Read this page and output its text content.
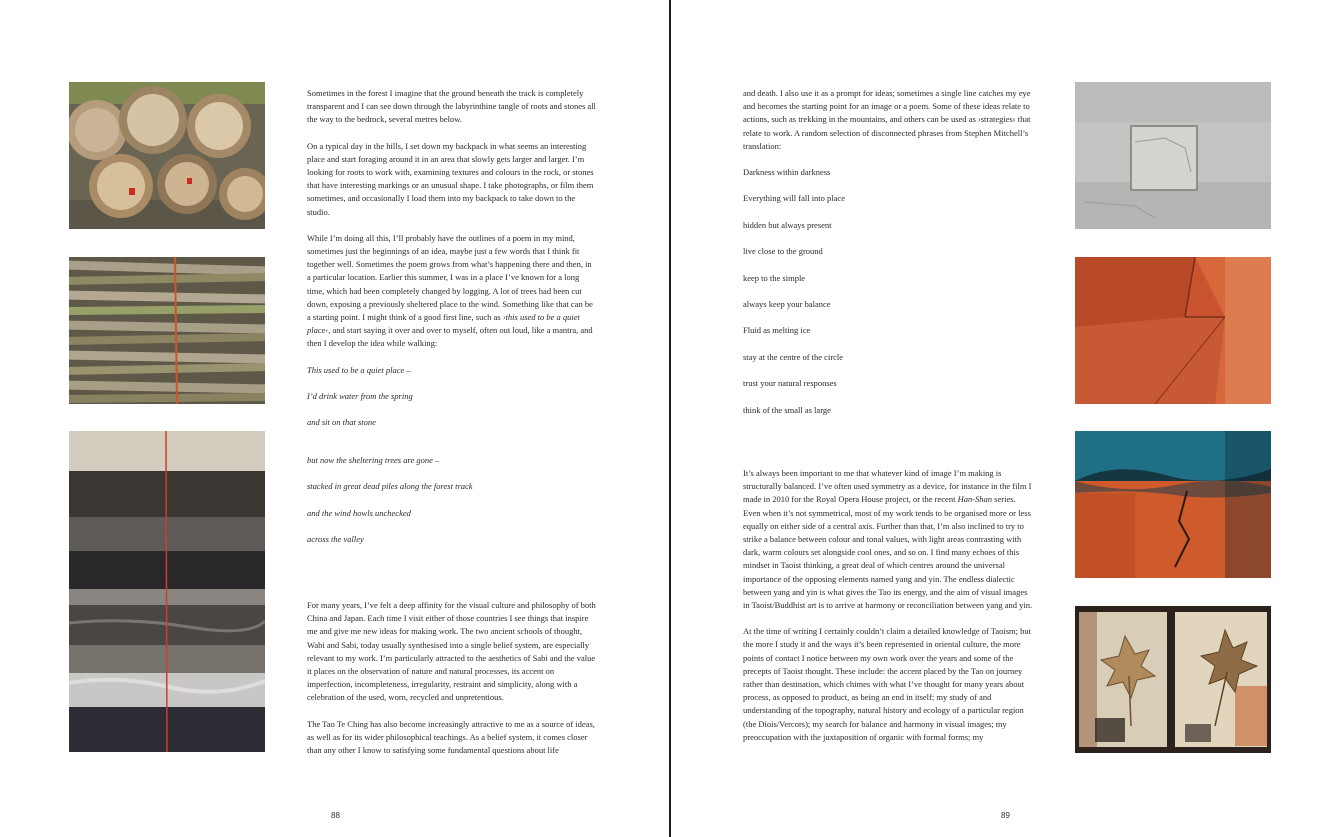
Sometimes in the forest I imagine that the ground beneath the track is completely transparent and I can see down through the labyrinthine tangle of roots and stones all the way to the bedrock, several metres below.

On a typical day in the hills, I set down my backpack in what seems an interesting place and start foraging around it in an area that slowly gets larger and larger. I’m looking for roots to work with, examining textures and colours in the rock, or stones that have interesting markings or an unusual shape. I take photographs, or film them sometimes, and occasionally I load them into my backpack to take down to the studio.

While I’m doing all this, I’ll probably have the outlines of a poem in my mind, sometimes just the beginnings of an idea, maybe just a few words that I think fit together well. Sometimes the poem grows from what’s happening there and then, in a particular location. Earlier this summer, I was in a place I’ve known for a long time, which had been completely changed by logging. A lot of trees had been cut down, exposing a previously sheltered place to the wind. Something like that can be a starting point. I might think of a good first line, such as ›this used to be a quiet place‹, and start saying it over and over to myself, often out loud, like a mantra, and then I develop the idea while walking:

This used to be a quiet place –

I’d drink water from the spring

and sit on that stone

but now the sheltering trees are gone –

stacked in great dead piles along the forest track

and the wind howls unchecked

across the valley

For many years, I’ve felt a deep affinity for the visual culture and philosophy of both China and Japan. Each time I visit either of those countries I see things that inspire me and give me new ideas for making work. The two ancient schools of thought, Wabi and Sabi, today usually synthesised into a single belief system, are especially relevant to my work. I’m particularly attracted to the aesthetics of Sabi and the value it places on the observation of nature and natural processes, its accent on imperfection, incompleteness, irregularity, restraint and simplicity, along with a celebration of the used, worn, recycled and unpretentious.

The Tao Te Ching has also become increasingly attractive to me as a source of ideas, as well as for its wider philosophical teachings. As a belief system, it comes closer than any other I know to satisfying some fundamental questions about life

88

and death. I also use it as a prompt for ideas; sometimes a single line catches my eye and becomes the starting point for an image or a poem. Some of these ideas relate to actions, such as trekking in the mountains, and others can be used as ›strategies‹ that relate to work. A random selection of disconnected phrases from Stephen Mitchell’s translation:

Darkness within darkness

Everything will fall into place

hidden but always present

live close to the ground

keep to the simple

always keep your balance

Fluid as melting ice

stay at the centre of the circle

trust your natural responses

think of the small as large

It’s always been important to me that whatever kind of image I’m making is structurally balanced. I’ve often used symmetry as a device, for instance in the film I made in 2010 for the Royal Opera House project, or the recent Han-Shan series. Even when it’s not symmetrical, most of my work tends to be organised more or less equally on either side of a central axis. Further than that, I’m also inclined to try to strike a balance between colour and tonal values, with light areas contrasting with dark, warm colours set alongside cool ones, and so on. I find many echoes of this mindset in Taoist thinking, a great deal of which centres around the universal importance of the opposing elements named yang and yin. The endless dialectic between yang and yin is what gives the Tao its energy, and the aim of visual images in Taoist/Buddhist art is to arrive at harmony or reconciliation between yang and yin.

At the time of writing I certainly couldn’t claim a detailed knowledge of Taoism; but the more I study it and the ways it’s been represented in oriental culture, the more points of contact I notice between my own work over the years and some of the precepts of Taoist thought. These include: the accent placed by the Tao on journey rather than destination, which chimes with what I’ve thought for many years about process, as opposed to product, as being an end in itself; my study of and understanding of the topography, natural history and ecology of a particular region (the Diois/Vercors); my search for balance and harmony in visual images; my preoccupation with the juxtaposition of organic with formal forms; my

89
